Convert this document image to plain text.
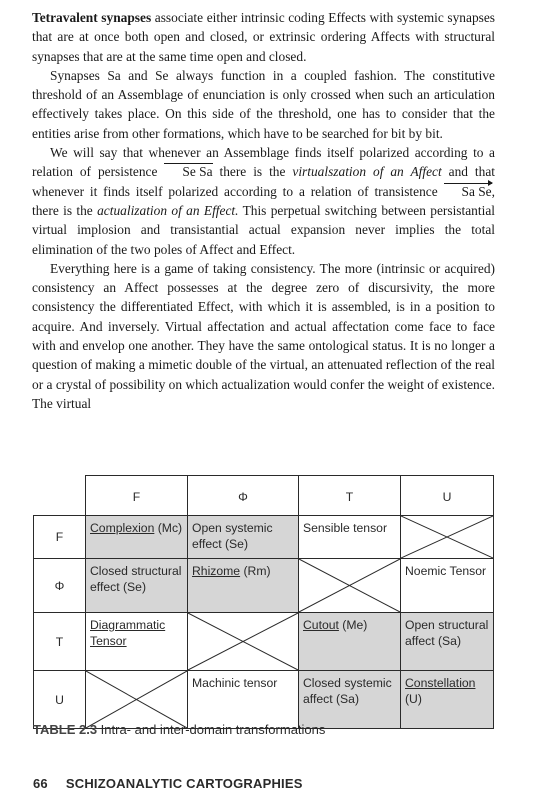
Tetravalent synapses associate either intrinsic coding Effects with systemic synapses that are at once both open and closed, or extrinsic ordering Affects with structural synapses that are at the same time open and closed.

Synapses Sa and Se always function in a coupled fashion. The constitutive threshold of an Assemblage of enunciation is only crossed when such an articulation effectively takes place. On this side of the threshold, one has to consider that the entities arise from other formations, which have to be searched for bit by bit.

We will say that whenever an Assemblage finds itself polarized according to a relation of persistence Se Sa there is the virtualszation of an Affect and that whenever it finds itself polarized according to a relation of transistence Sa Se, there is the actualization of an Effect. This perpetual switching between persistantial virtual implosion and transistantial actual expansion never implies the total elimination of the two poles of Affect and Effect.

Everything here is a game of taking consistency. The more (intrinsic or acquired) consistency an Affect possesses at the degree zero of discursivity, the more consistency the differentiated Effect, with which it is assembled, is in a position to acquire. And inversely. Virtual affectation and actual affectation come face to face with and envelop one another. They have the same ontological status. It is no longer a question of making a mimetic double of the virtual, an attenuated reflection of the real or a crystal of possibility on which actualization would confer the weight of existence. The virtual

	F	Φ	T	U
F	Complexion (Mc)	Open systemic effect (Se)	Sensible tensor	

Φ	Closed structural effect (Se)	Rhizome (Rm)		Noemic Tensor
T	Diagrammatic Tensor		Cutout (Me)	Open structural affect (Sa)
U		Machinic tensor	Closed systemic affect (Sa)	Constellation (U)
TABLE 2.3 Intra- and inter-domain transformations
66 SCHIZOANALYTIC CARTOGRAPHIES
